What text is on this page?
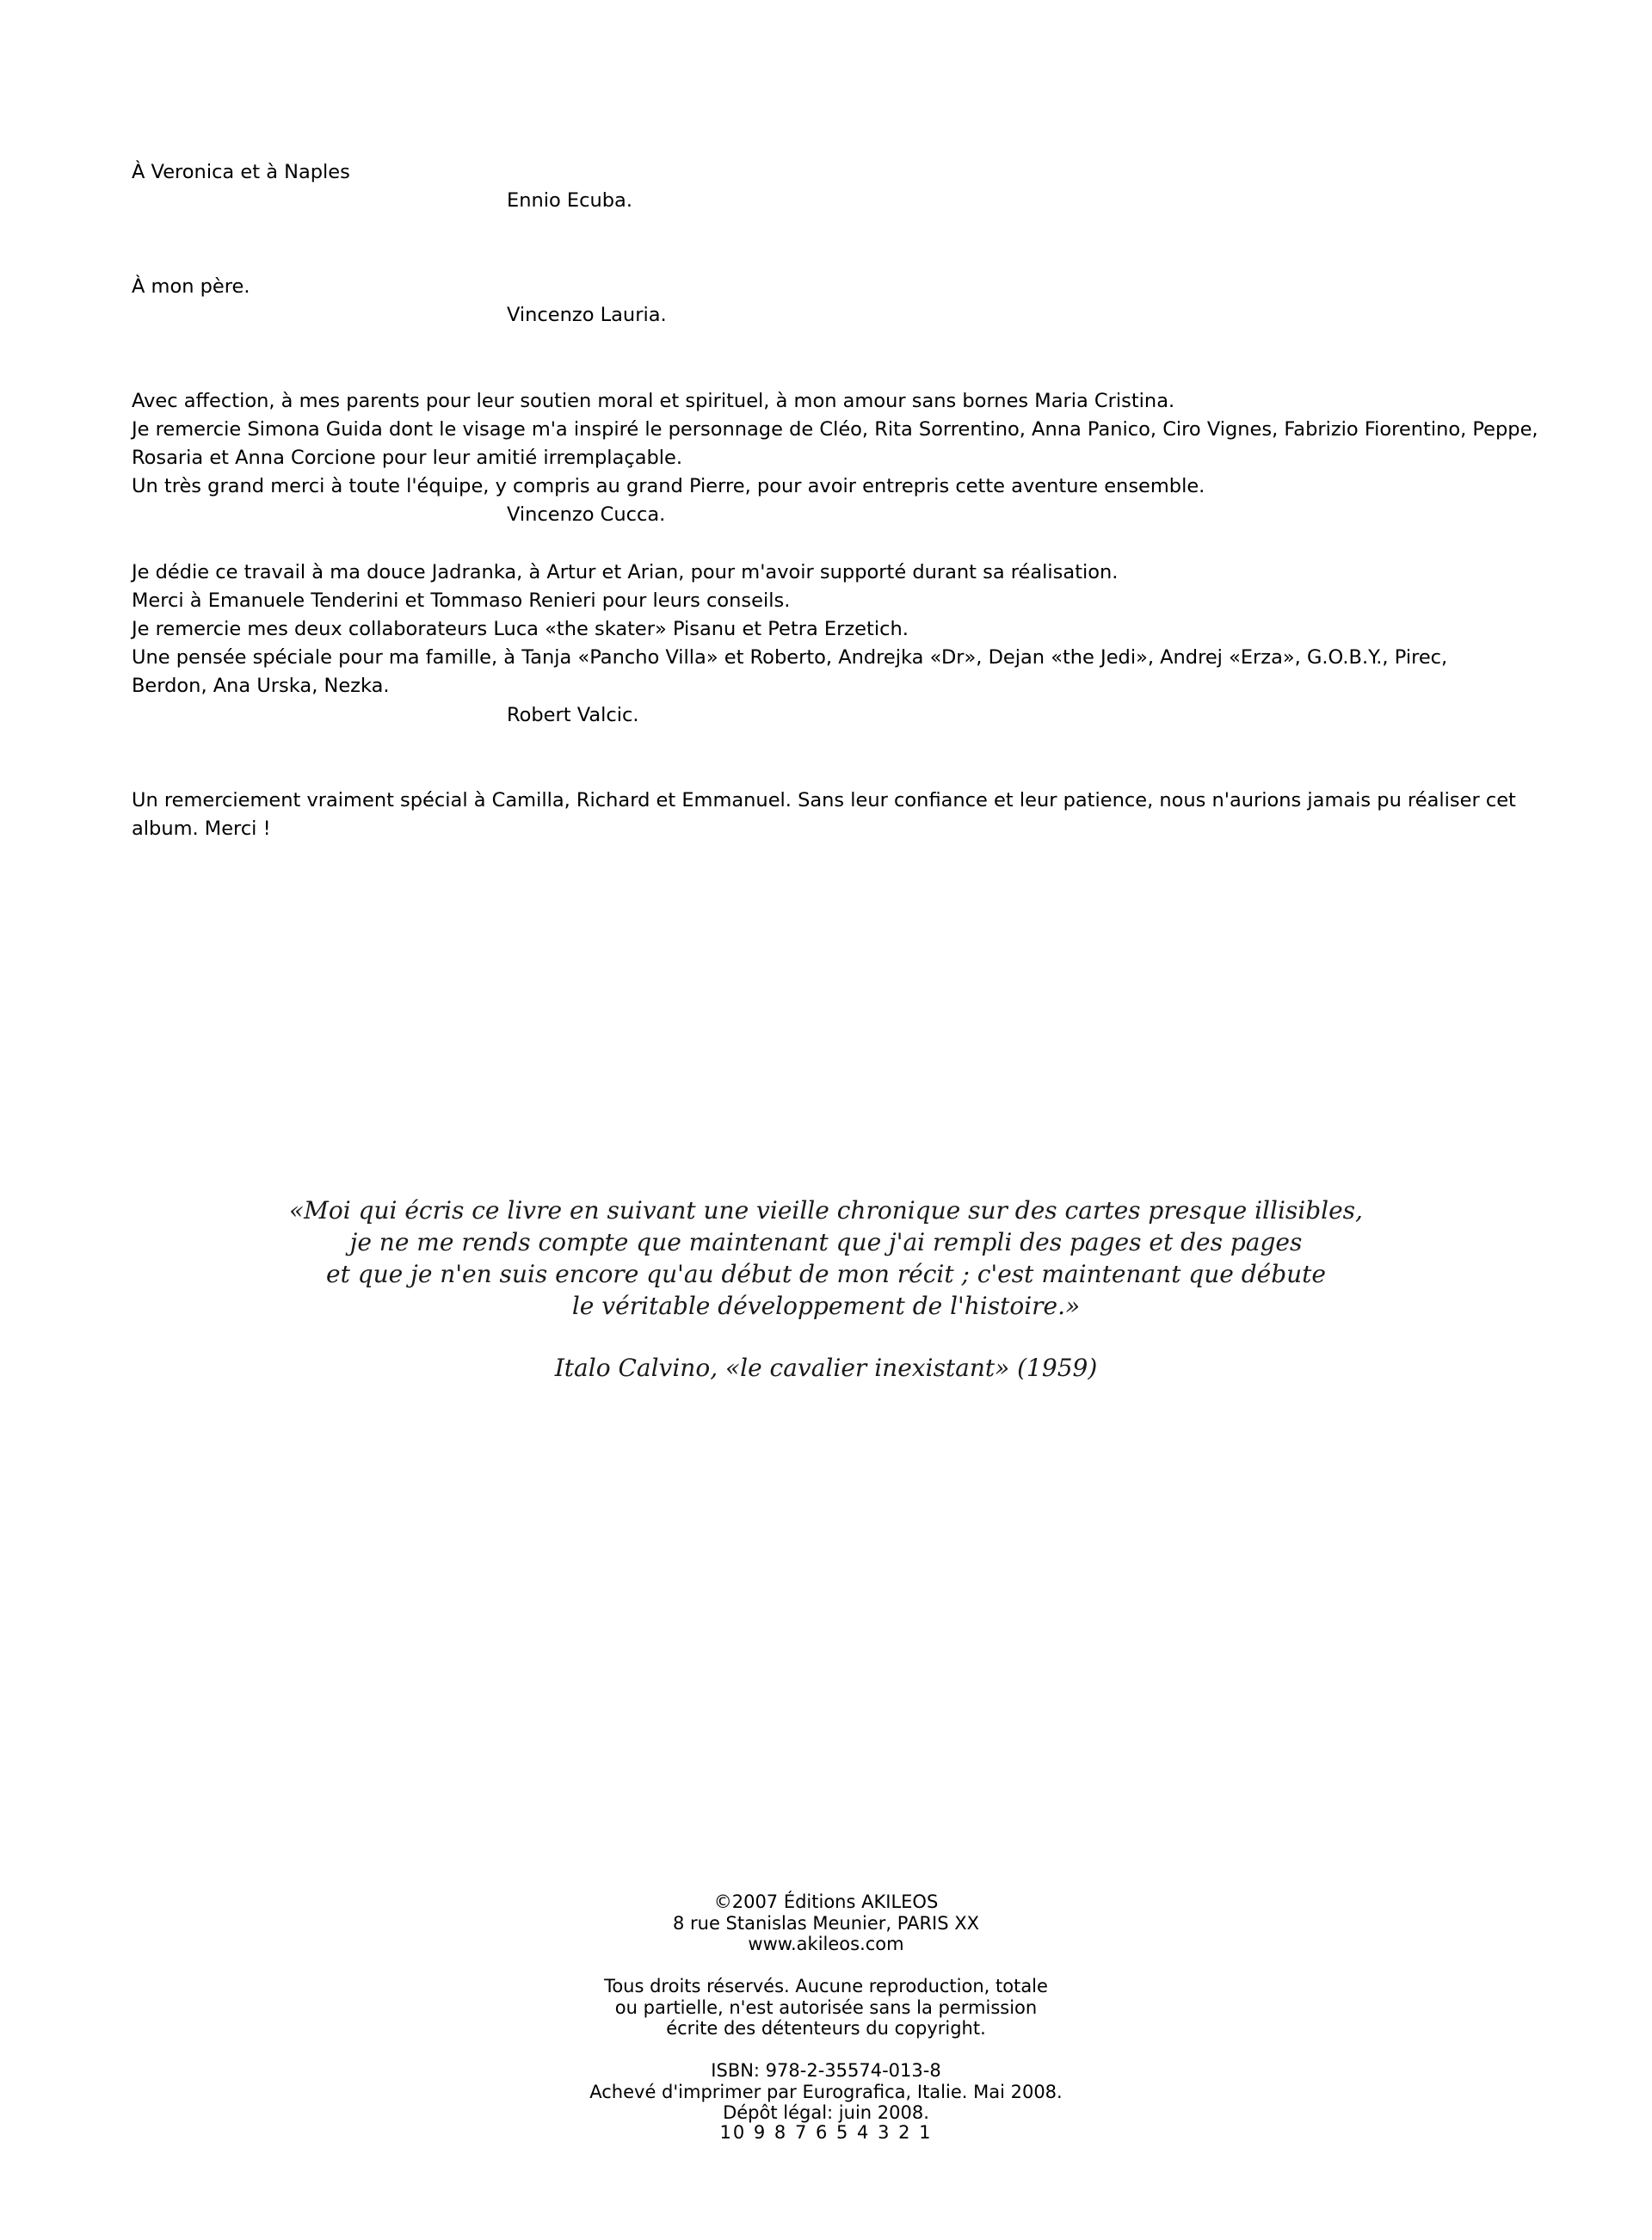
À Veronica et à Naples
Ennio Ecuba.
À mon père.
Vincenzo Lauria.
Avec affection, à mes parents pour leur soutien moral et spirituel, à mon amour sans bornes Maria Cristina.
Je remercie Simona Guida dont le visage m'a inspiré le personnage de Cléo, Rita Sorrentino, Anna Panico, Ciro Vignes, Fabrizio Fiorentino, Peppe,
Rosaria et Anna Corcione pour leur amitié irremplaçable.
Un très grand merci à toute l'équipe, y compris au grand Pierre, pour avoir entrepris cette aventure ensemble.
Vincenzo Cucca.
Je dédie ce travail à ma douce Jadranka, à Artur et Arian, pour m'avoir supporté durant sa réalisation.
Merci à Emanuele Tenderini et Tommaso Renieri pour leurs conseils.
Je remercie mes deux collaborateurs Luca «the skater» Pisanu et Petra Erzetich.
Une pensée spéciale pour ma famille, à Tanja «Pancho Villa» et Roberto, Andrejka «Dr», Dejan «the Jedi», Andrej «Erza», G.O.B.Y., Pirec,
Berdon, Ana Urska, Nezka.
Robert Valcic.
Un remerciement vraiment spécial à Camilla, Richard et Emmanuel. Sans leur confiance et leur patience, nous n'aurions jamais pu réaliser cet
album. Merci !
«Moi qui écris ce livre en suivant une vieille chronique sur des cartes presque illisibles,
je ne me rends compte que maintenant que j'ai rempli des pages et des pages
et que je n'en suis encore qu'au début de mon récit ; c'est maintenant que débute
le véritable développement de l'histoire.»
Italo Calvino, «le cavalier inexistant» (1959)
©2007 Éditions AKILEOS
8 rue Stanislas Meunier, PARIS XX
www.akileos.com
Tous droits réservés. Aucune reproduction, totale
ou partielle, n'est autorisée sans la permission
écrite des détenteurs du copyright.
ISBN: 978-2-35574-013-8
Achevé d'imprimer par Eurografica, Italie. Mai 2008.
Dépôt légal: juin 2008.
10 9 8 7 6 5 4 3 2 1
